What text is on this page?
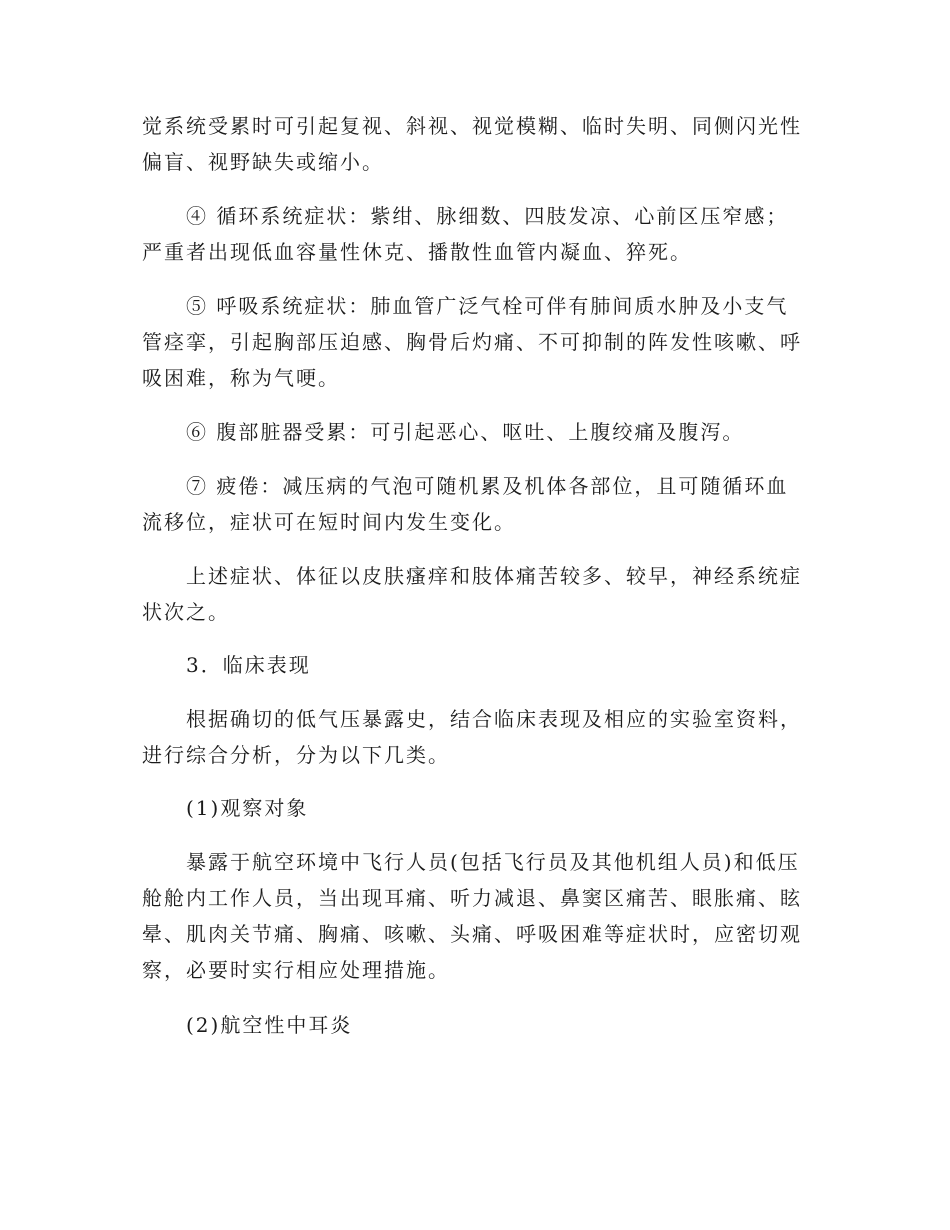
觉系统受累时可引起复视、斜视、视觉模糊、临时失明、同侧闪光性偏盲、视野缺失或缩小。

④ 循环系统症状：紫绀、脉细数、四肢发凉、心前区压窄感；严重者出现低血容量性休克、播散性血管内凝血、猝死。

⑤ 呼吸系统症状：肺血管广泛气栓可伴有肺间质水肿及小支气管痉挛，引起胸部压迫感、胸骨后灼痛、不可抑制的阵发性咳嗽、呼吸困难，称为气哽。

⑥ 腹部脏器受累：可引起恶心、呕吐、上腹绞痛及腹泻。

⑦ 疲倦：减压病的气泡可随机累及机体各部位，且可随循环血流移位，症状可在短时间内发生变化。

上述症状、体征以皮肤瘙痒和肢体痛苦较多、较早，神经系统症状次之。

3．临床表现

根据确切的低气压暴露史，结合临床表现及相应的实验室资料，进行综合分析，分为以下几类。

(1)观察对象

暴露于航空环境中飞行人员(包括飞行员及其他机组人员)和低压舱舱内工作人员，当出现耳痛、听力减退、鼻窦区痛苦、眼胀痛、眩晕、肌肉关节痛、胸痛、咳嗽、头痛、呼吸困难等症状时，应密切观察，必要时实行相应处理措施。

(2)航空性中耳炎
